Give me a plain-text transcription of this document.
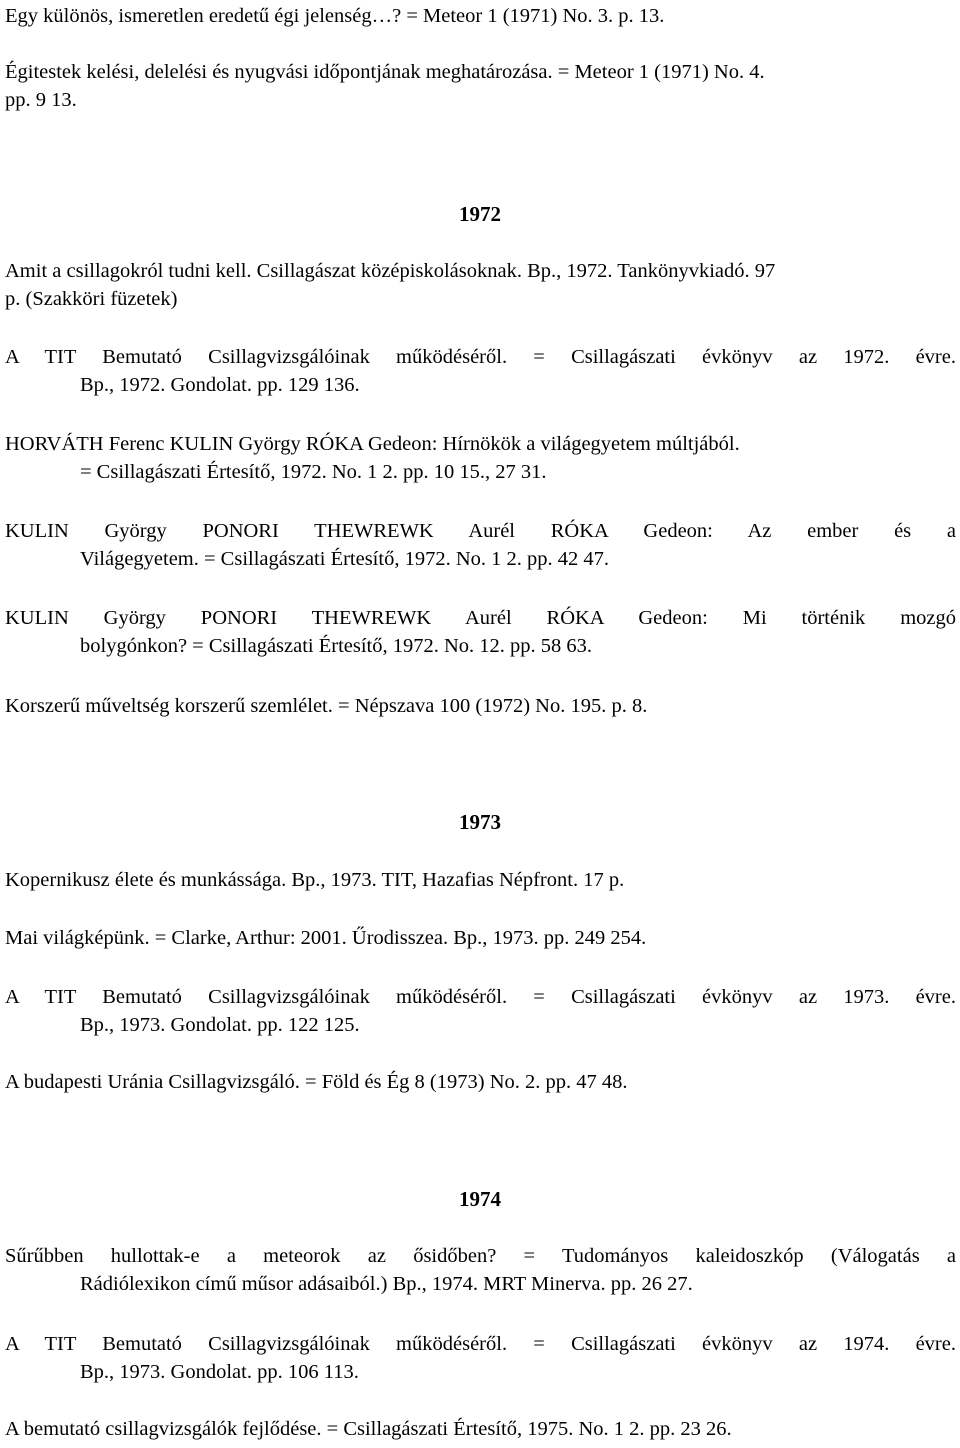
Egy különös, ismeretlen eredetű égi jelenség…? = Meteor 1 (1971) No. 3. p. 13.
Égitestek kelési, delelési és nyugvási időpontjának meghatározása. = Meteor 1 (1971) No. 4.
pp. 9 13.
1972
Amit a csillagokról tudni kell. Csillagászat középiskolásoknak. Bp., 1972. Tankönyvkiadó. 97
p. (Szakköri füzetek)
A TIT Bemutató Csillagvizsgálóinak működéséről. = Csillagászati évkönyv az 1972. évre.
Bp., 1972. Gondolat. pp. 129 136.
HORVÁTH Ferenc KULIN György RÓKA Gedeon: Hírnökök a világegyetem múltjából.
= Csillagászati Értesítő, 1972. No. 1 2. pp. 10 15., 27 31.
KULIN György PONORI THEWREWK Aurél RÓKA Gedeon: Az ember és a
Világegyetem. = Csillagászati Értesítő, 1972. No. 1 2. pp. 42 47.
KULIN György PONORI THEWREWK Aurél RÓKA Gedeon: Mi történik mozgó
bolygónkon? = Csillagászati Értesítő, 1972. No. 12. pp. 58 63.
Korszerű műveltség korszerű szemlélet. = Népszava 100 (1972) No. 195. p. 8.
1973
Kopernikusz élete és munkássága. Bp., 1973. TIT, Hazafias Népfront. 17 p.
Mai világképünk. = Clarke, Arthur: 2001. Űrodisszea. Bp., 1973. pp. 249 254.
A TIT Bemutató Csillagvizsgálóinak működéséről. = Csillagászati évkönyv az 1973. évre.
Bp., 1973. Gondolat. pp. 122 125.
A budapesti Uránia Csillagvizsgáló. = Föld és Ég 8 (1973) No. 2. pp. 47 48.
1974
Sűrűbben hullottak-e a meteorok az ősidőben? = Tudományos kaleidoszkóp (Válogatás a
Rádiólexikon című műsor adásaiból.) Bp., 1974. MRT Minerva. pp. 26 27.
A TIT Bemutató Csillagvizsgálóinak működéséről. = Csillagászati évkönyv az 1974. évre.
Bp., 1973. Gondolat. pp. 106 113.
A bemutató csillagvizsgálók fejlődése. = Csillagászati Értesítő, 1975. No. 1 2. pp. 23 26.
